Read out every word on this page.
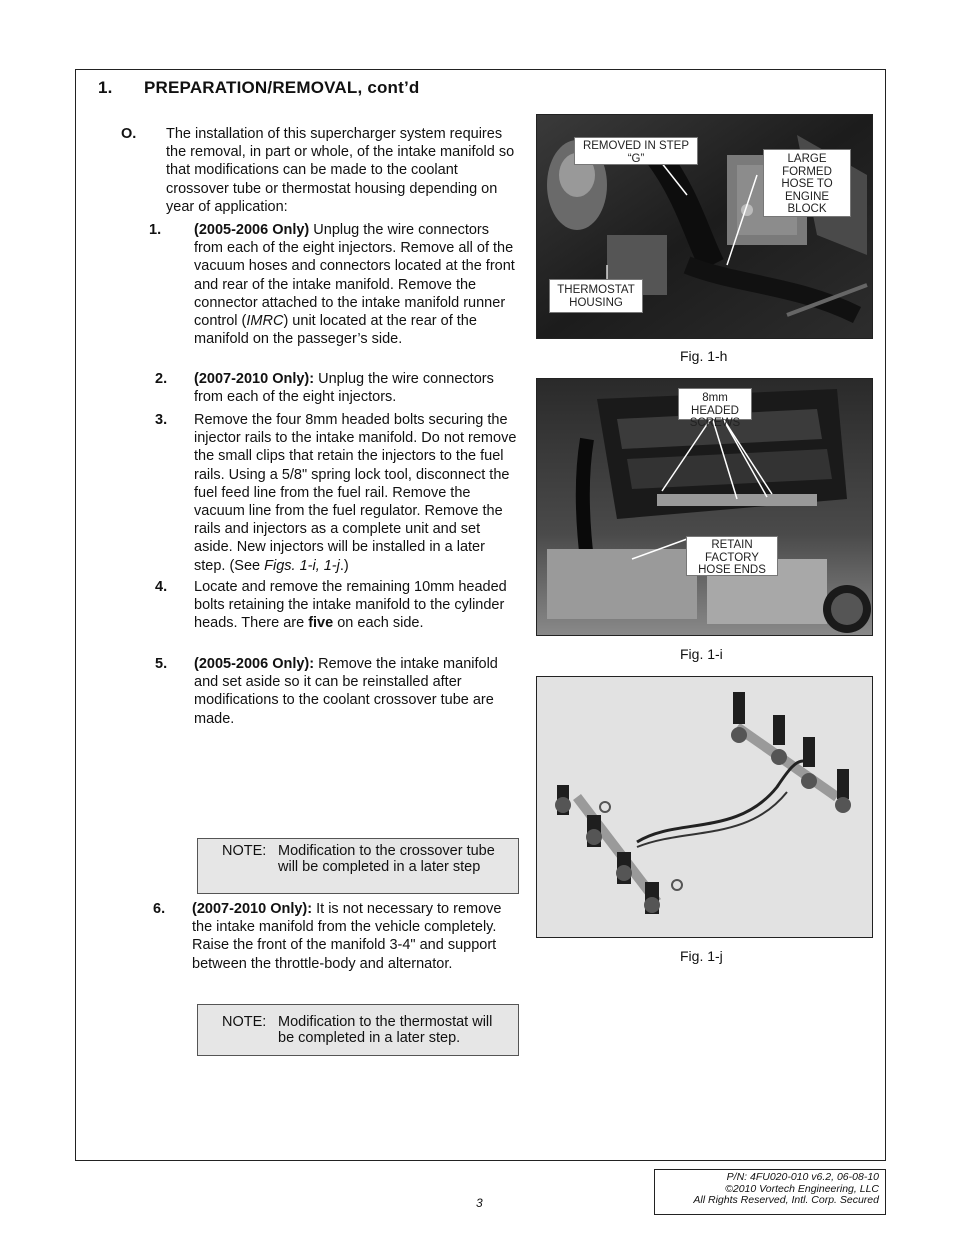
1. PREPARATION/REMOVAL, cont’d
O. The installation of this supercharger system requires the removal, in part or whole, of the intake manifold so that modifications can be made to the coolant crossover tube or thermostat housing depending on year of application:
1. (2005-2006 Only) Unplug the wire connectors from each of the eight injectors. Remove all of the vacuum hoses and connectors located at the front and rear of the intake manifold. Remove the connector attached to the intake manifold runner control (IMRC) unit located at the rear of the manifold on the passeger’s side.
2. (2007-2010 Only): Unplug the wire connectors from each of the eight injectors.
3. Remove the four 8mm headed bolts securing the injector rails to the intake manifold. Do not remove the small clips that retain the injectors to the fuel rails. Using a 5/8" spring lock tool, disconnect the fuel feed line from the fuel rail. Remove the vacuum line from the fuel regulator. Remove the rails and injectors as a complete unit and set aside. New injectors will be installed in a later step. (See Figs. 1-i, 1-j.)
4. Locate and remove the remaining 10mm headed bolts retaining the intake manifold to the cylinder heads. There are five on each side.
5. (2005-2006 Only): Remove the intake manifold and set aside so it can be reinstalled after modifications to the coolant crossover tube are made.
NOTE: Modification to the crossover tube will be completed in a later step
6. (2007-2010 Only): It is not necessary to remove the intake manifold from the vehicle completely. Raise the front of the manifold 3-4" and support between the throttle-body and alternator.
NOTE: Modification to the thermostat will be completed in a later step.
REMOVED IN STEP “G”	LARGE FORMED HOSE TO ENGINE BLOCK
THERMOSTAT HOUSING
Fig. 1-h
8mm HEADED SCREWS
RETAIN FACTORY HOSE ENDS
Fig. 1-i
Fig. 1-j
3
P/N: 4FU020-010 v6.2, 06-08-10
©2010 Vortech Engineering, LLC
All Rights Reserved, Intl. Corp. Secured
